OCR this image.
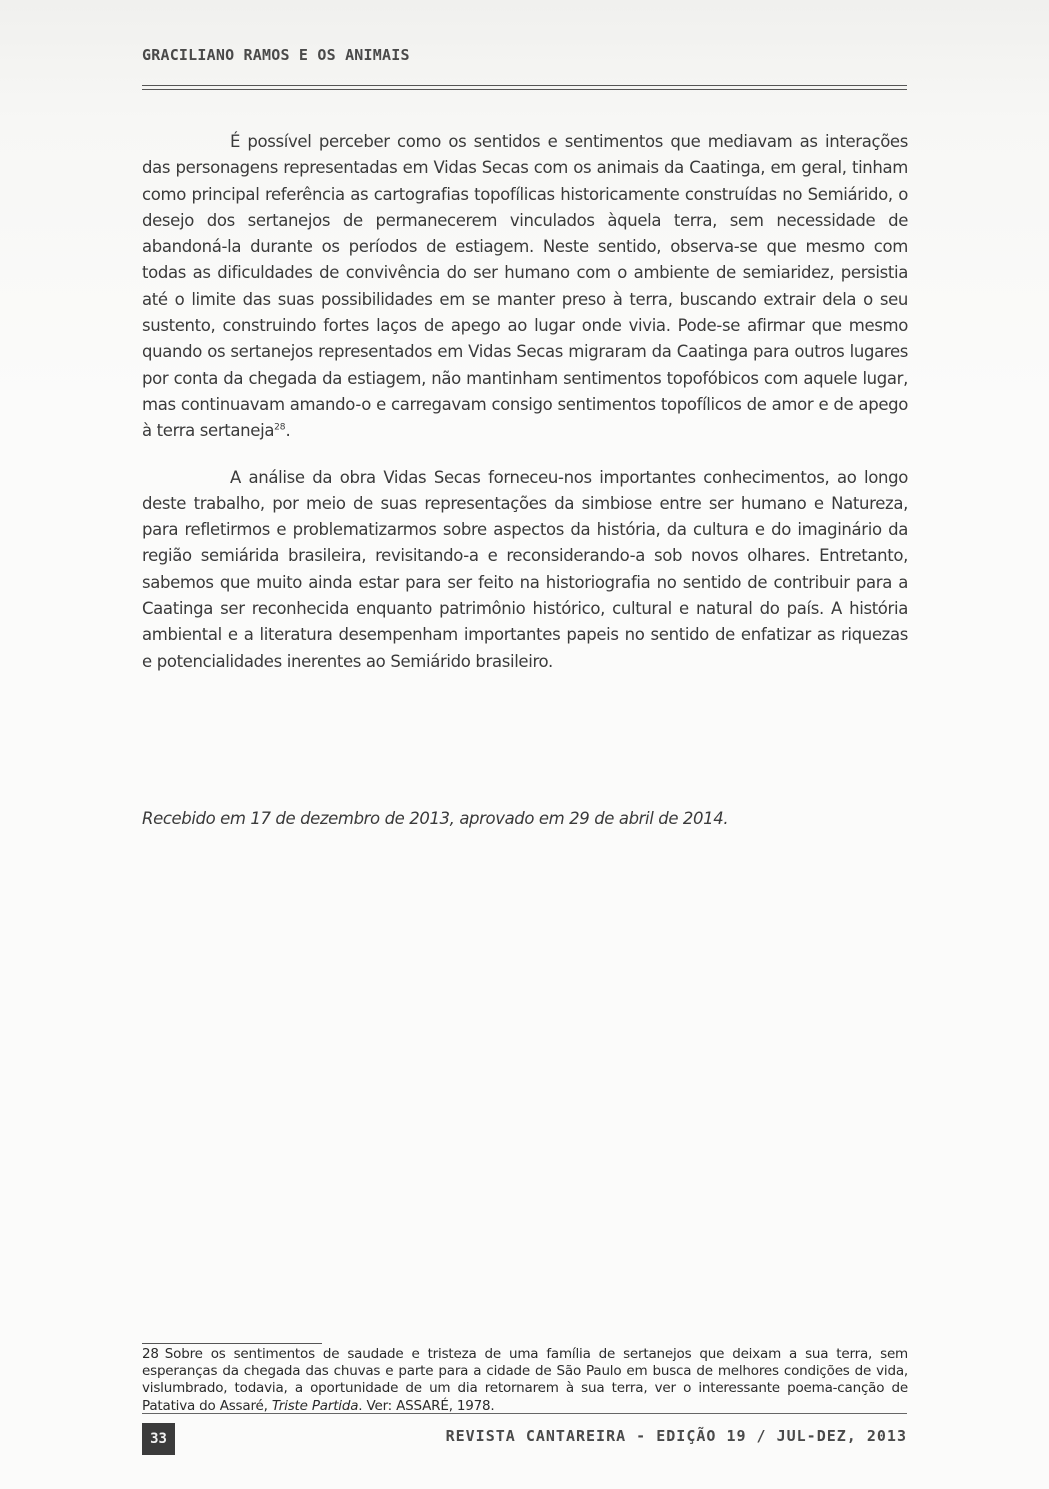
GRACILIANO RAMOS E OS ANIMAIS

É possível perceber como os sentidos e sentimentos que mediavam as interações das personagens representadas em Vidas Secas com os animais da Caatinga, em geral, tinham como principal referência as cartografias topofílicas historicamente construídas no Semiárido, o desejo dos sertanejos de permanecerem vinculados àquela terra, sem necessidade de abandoná-la durante os períodos de estiagem. Neste sentido, observa-se que mesmo com todas as dificuldades de convivência do ser humano com o ambiente de semiaridez, persistia até o limite das suas possibilidades em se manter preso à terra, buscando extrair dela o seu sustento, construindo fortes laços de apego ao lugar onde vivia. Pode-se afirmar que mesmo quando os sertanejos representados em Vidas Secas migraram da Caatinga para outros lugares por conta da chegada da estiagem, não mantinham sentimentos topofóbicos com aquele lugar, mas continuavam amando-o e carregavam consigo sentimentos topofílicos de amor e de apego à terra sertaneja$^{28}$.

A análise da obra Vidas Secas forneceu-nos importantes conhecimentos, ao longo deste trabalho, por meio de suas representações da simbiose entre ser humano e Natureza, para refletirmos e problematizarmos sobre aspectos da história, da cultura e do imaginário da região semiárida brasileira, revisitando-a e reconsiderando-a sob novos olhares. Entretanto, sabemos que muito ainda estar para ser feito na historiografia no sentido de contribuir para a Caatinga ser reconhecida enquanto patrimônio histórico, cultural e natural do país. A história ambiental e a literatura desempenham importantes papeis no sentido de enfatizar as riquezas e potencialidades inerentes ao Semiárido brasileiro.

Recebido em 17 de dezembro de 2013, aprovado em 29 de abril de 2014.
28 Sobre os sentimentos de saudade e tristeza de uma família de sertanejos que deixam a sua terra, sem esperanças da chegada das chuvas e parte para a cidade de São Paulo em busca de melhores condições de vida, vislumbrado, todavia, a oportunidade de um dia retornarem à sua terra, ver o interessante poema-canção de Patativa do Assaré, Triste Partida. Ver: ASSARÉ, 1978.
33	REVISTA CANTAREIRA - EDIÇÃO 19 / JUL-DEZ, 2013
